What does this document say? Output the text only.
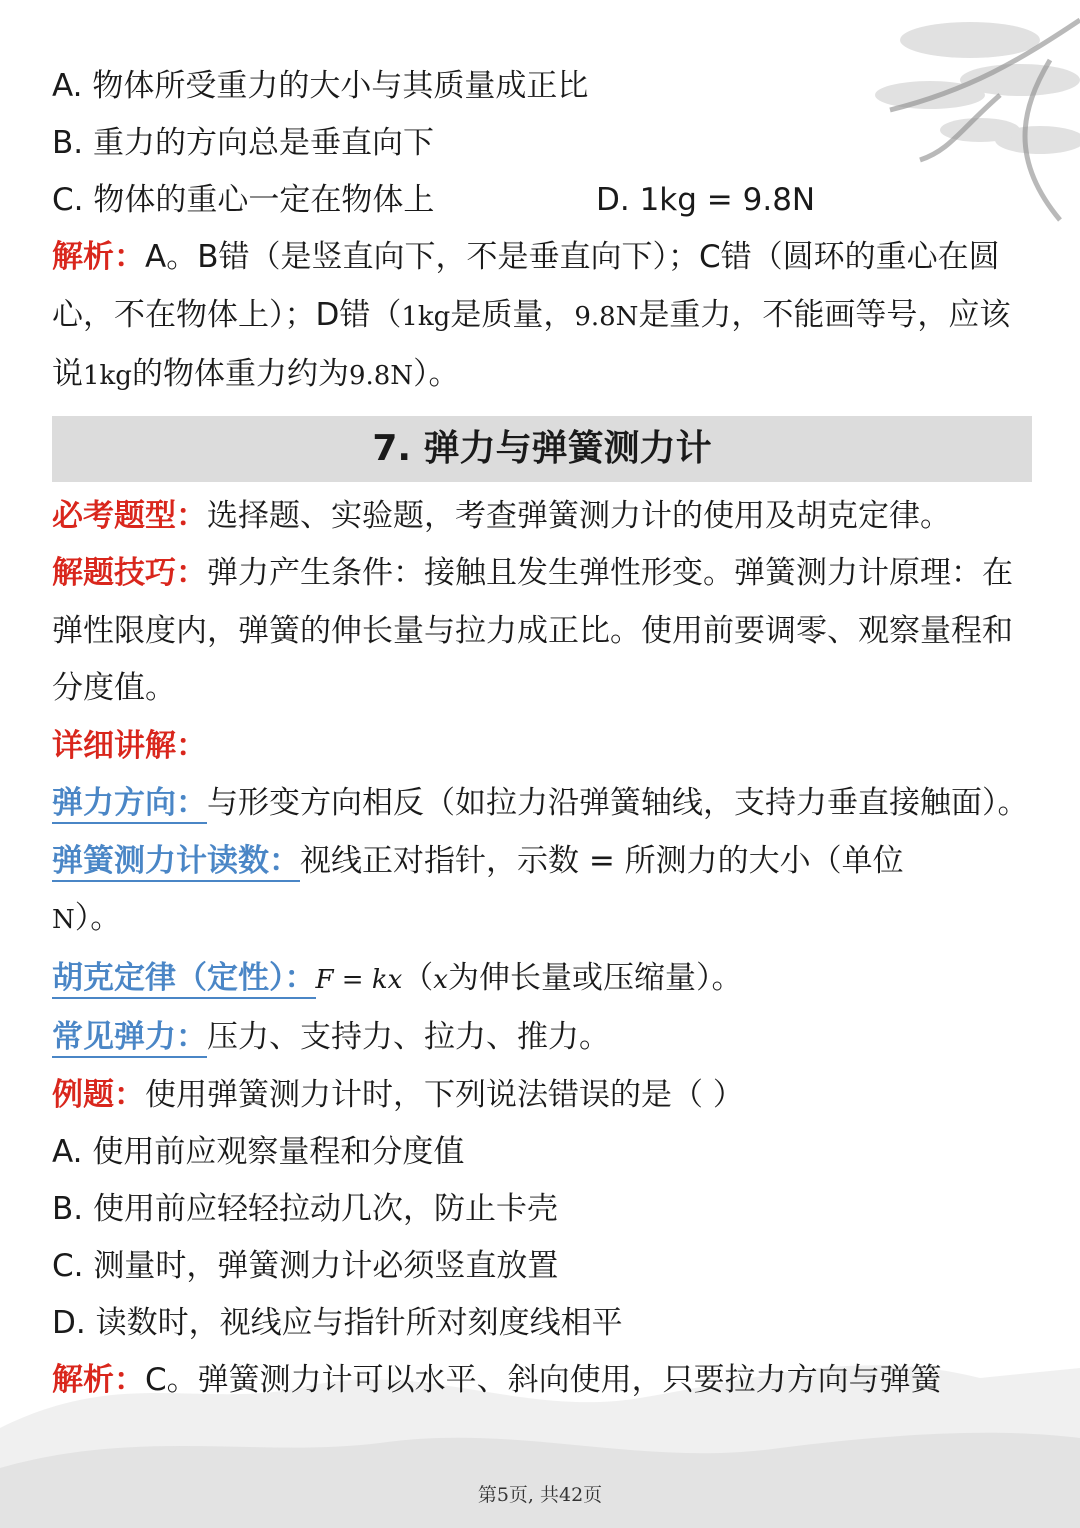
A. 物体所受重力的大小与其质量成正比
B. 重力的方向总是垂直向下
C. 物体的重心一定在物体上	D. 1kg = 9.8N
解析：A。B错（是竖直向下，不是垂直向下）；C错（圆环的重心在圆心，不在物体上）；D错（1kg是质量，9.8N是重力，不能画等号，应该说1kg的物体重力约为9.8N）。
7. 弹力与弹簧测力计
必考题型：选择题、实验题，考查弹簧测力计的使用及胡克定律。
解题技巧：弹力产生条件：接触且发生弹性形变。弹簧测力计原理：在弹性限度内，弹簧的伸长量与拉力成正比。使用前要调零、观察量程和分度值。
详细讲解：
弹力方向：与形变方向相反（如拉力沿弹簧轴线，支持力垂直接触面）。
弹簧测力计读数：视线正对指针，示数 = 所测力的大小（单位
N）。
胡克定律（定性）：F = kx（x为伸长量或压缩量）。
常见弹力：压力、支持力、拉力、推力。
例题：使用弹簧测力计时，下列说法错误的是（ ）
A. 使用前应观察量程和分度值
B. 使用前应轻轻拉动几次，防止卡壳
C. 测量时，弹簧测力计必须竖直放置
D. 读数时，视线应与指针所对刻度线相平
解析：C。弹簧测力计可以水平、斜向使用，只要拉力方向与弹簧
第5页, 共42页
